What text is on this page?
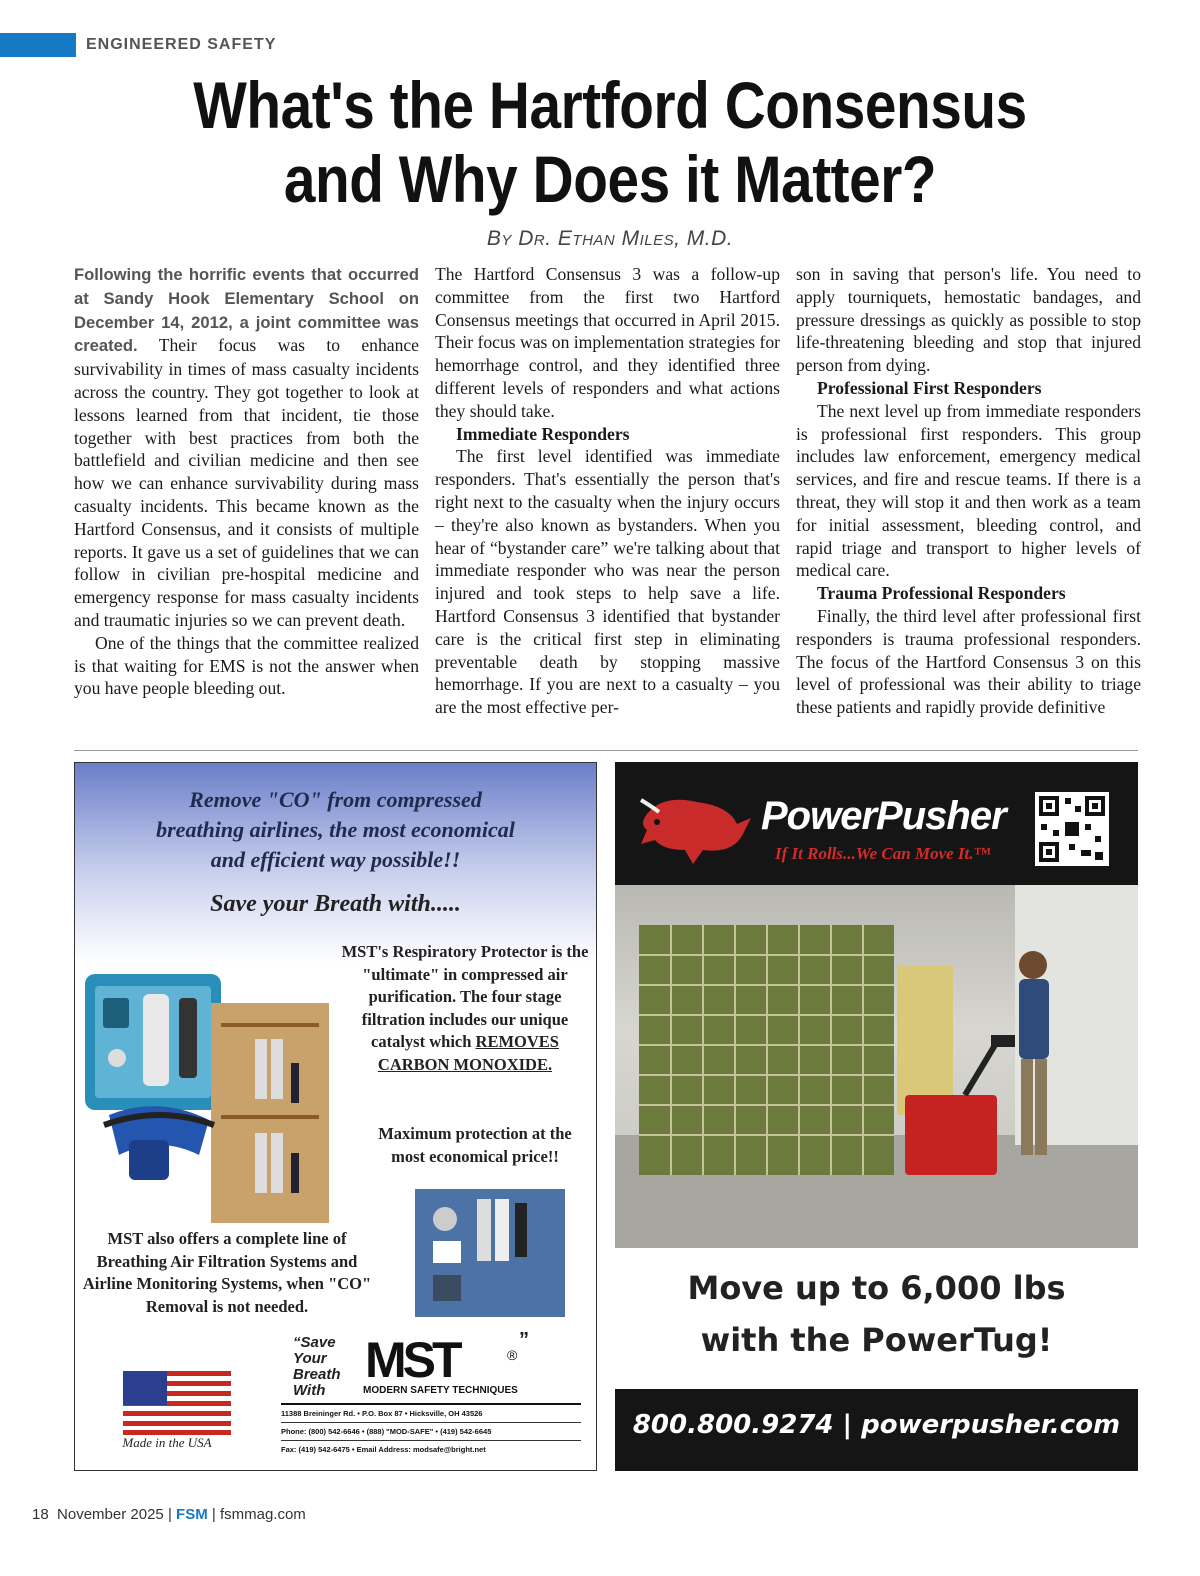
ENGINEERED SAFETY
What's the Hartford Consensus
and Why Does it Matter?
By Dr. Ethan Miles, M.D.

Following the horrific events that occurred at Sandy Hook Elementary School on December 14, 2012, a joint committee was created. Their focus was to enhance survivability in times of mass casualty incidents across the country. They got together to look at lessons learned from that incident, tie those together with best practices from both the battlefield and civilian medicine and then see how we can enhance survivability during mass casualty incidents. This became known as the Hartford Consensus, and it consists of multiple reports. It gave us a set of guidelines that we can follow in civilian pre-hospital medicine and emergency response for mass casualty incidents and traumatic injuries so we can prevent death.

One of the things that the committee realized is that waiting for EMS is not the answer when you have people bleeding out.

The Hartford Consensus 3 was a follow-up committee from the first two Hartford Consensus meetings that occurred in April 2015. Their focus was on implementation strategies for hemorrhage control, and they identified three different levels of responders and what actions they should take.

Immediate Responders

The first level identified was immediate responders. That's essentially the person that's right next to the casualty when the injury occurs – they're also known as bystanders. When you hear of “bystander care” we're talking about that immediate responder who was near the person injured and took steps to help save a life. Hartford Consensus 3 identified that bystander care is the critical first step in eliminating preventable death by stopping massive hemorrhage. If you are next to a casualty – you are the most effective per-

son in saving that person's life. You need to apply tourniquets, hemostatic bandages, and pressure dressings as quickly as possible to stop life-threatening bleeding and stop that injured person from dying.

Professional First Responders

The next level up from immediate responders is professional first responders. This group includes law enforcement, emergency medical services, and fire and rescue teams. If there is a threat, they will stop it and then work as a team for initial assessment, bleeding control, and rapid triage and transport to higher levels of medical care.

Trauma Professional Responders

Finally, the third level after professional first responders is trauma professional responders. The focus of the Hartford Consensus 3 on this level of professional was their ability to triage these patients and rapidly provide definitive

Remove "CO" from compressed breathing airlines, the most economical and efficient way possible!!
Save your Breath with.....
MST's Respiratory Protector is the "ultimate" in compressed air purification. The four stage filtration includes our unique catalyst which REMOVES CARBON MONOXIDE.
Maximum protection at the most economical price!!
MST also offers a complete line of Breathing Air Filtration Systems and Airline Monitoring Systems, when "CO" Removal is not needed.
“Save Your Breath With
MST	®
”
MODERN SAFETY TECHNIQUES
11388 Breininger Rd. • P.O. Box 87 • Hicksville, OH 43526
Phone: (800) 542-6646 • (888) "MOD-SAFE" • (419) 542-6645
Fax: (419) 542-6475 • Email Address: modsafe@bright.net
Made in the USA
PowerPusher
If It Rolls...We Can Move It.™
Move up to 6,000 lbs
with the PowerTug!
800.800.9274 | powerpusher.com
18 November 2025 | FSM | fsmmag.com
